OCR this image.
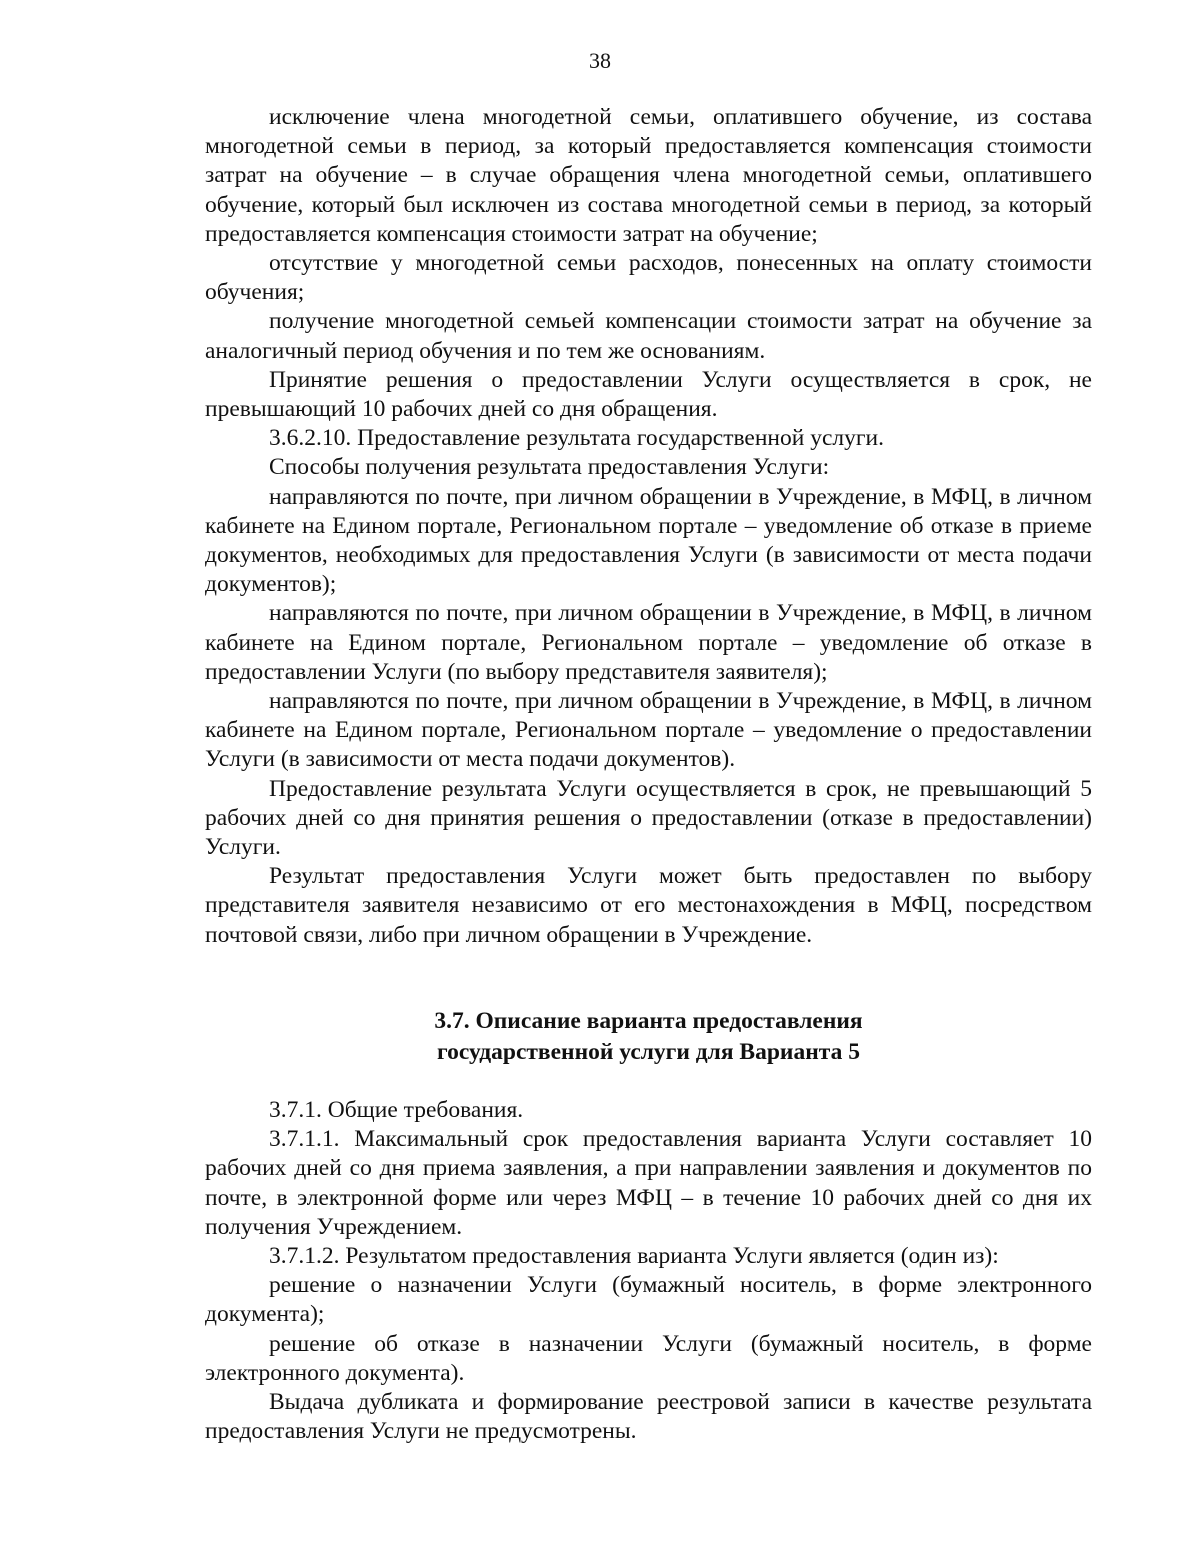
38

исключение члена многодетной семьи, оплатившего обучение, из состава многодетной семьи в период, за который предоставляется компенсация стоимости затрат на обучение – в случае обращения члена многодетной семьи, оплатившего обучение, который был исключен из состава многодетной семьи в период, за который предоставляется компенсация стоимости затрат на обучение;

отсутствие у многодетной семьи расходов, понесенных на оплату стоимости обучения;

получение многодетной семьей компенсации стоимости затрат на обучение за аналогичный период обучения и по тем же основаниям.

Принятие решения о предоставлении Услуги осуществляется в срок, не превышающий 10 рабочих дней со дня обращения.

3.6.2.10. Предоставление результата государственной услуги.

Способы получения результата предоставления Услуги:

направляются по почте, при личном обращении в Учреждение, в МФЦ, в личном кабинете на Едином портале, Региональном портале – уведомление об отказе в приеме документов, необходимых для предоставления Услуги (в зависимости от места подачи документов);

направляются по почте, при личном обращении в Учреждение, в МФЦ, в личном кабинете на Едином портале, Региональном портале – уведомление об отказе в предоставлении Услуги (по выбору представителя заявителя);

направляются по почте, при личном обращении в Учреждение, в МФЦ, в личном кабинете на Едином портале, Региональном портале – уведомление о предоставлении Услуги (в зависимости от места подачи документов).

Предоставление результата Услуги осуществляется в срок, не превышающий 5 рабочих дней со дня принятия решения о предоставлении (отказе в предоставлении) Услуги.

Результат предоставления Услуги может быть предоставлен по выбору представителя заявителя независимо от его местонахождения в МФЦ, посредством почтовой связи, либо при личном обращении в Учреждение.

3.7. Описание варианта предоставления
государственной услуги для Варианта 5

3.7.1. Общие требования.

3.7.1.1. Максимальный срок предоставления варианта Услуги составляет 10 рабочих дней со дня приема заявления, а при направлении заявления и документов по почте, в электронной форме или через МФЦ – в течение 10 рабочих дней со дня их получения Учреждением.

3.7.1.2. Результатом предоставления варианта Услуги является (один из):

решение о назначении Услуги (бумажный носитель, в форме электронного документа);

решение об отказе в назначении Услуги (бумажный носитель, в форме электронного документа).

Выдача дубликата и формирование реестровой записи в качестве результата предоставления Услуги не предусмотрены.
